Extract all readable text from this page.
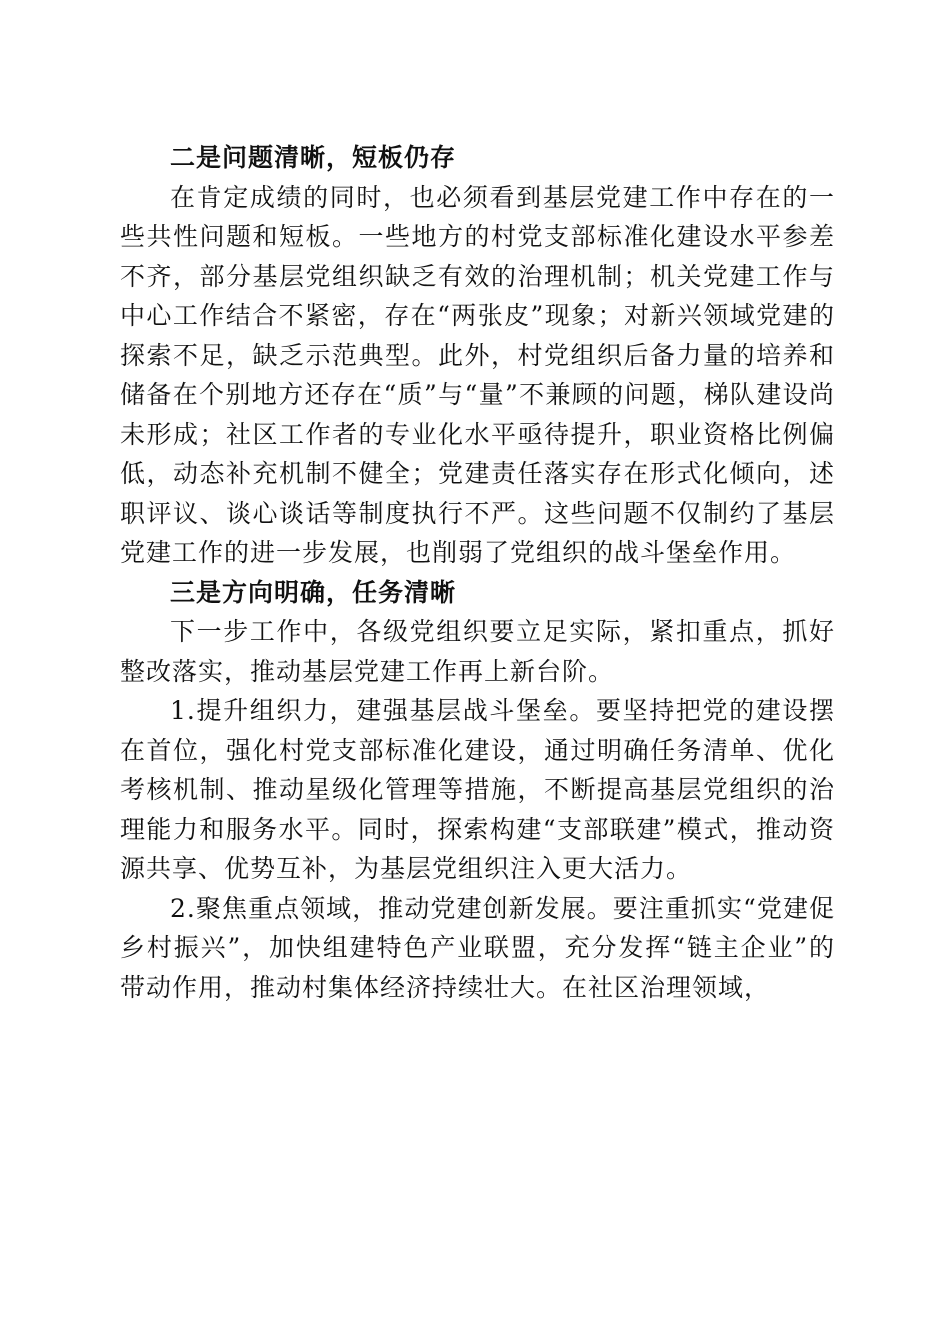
二是问题清晰，短板仍存

在肯定成绩的同时，也必须看到基层党建工作中存在的一些共性问题和短板。一些地方的村党支部标准化建设水平参差不齐，部分基层党组织缺乏有效的治理机制；机关党建工作与中心工作结合不紧密，存在“两张皮”现象；对新兴领域党建的探索不足，缺乏示范典型。此外，村党组织后备力量的培养和储备在个别地方还存在“质”与“量”不兼顾的问题，梯队建设尚未形成；社区工作者的专业化水平亟待提升，职业资格比例偏低，动态补充机制不健全；党建责任落实存在形式化倾向，述职评议、谈心谈话等制度执行不严。这些问题不仅制约了基层党建工作的进一步发展，也削弱了党组织的战斗堡垒作用。

三是方向明确，任务清晰

下一步工作中，各级党组织要立足实际，紧扣重点，抓好整改落实，推动基层党建工作再上新台阶。

1.提升组织力，建强基层战斗堡垒。要坚持把党的建设摆在首位，强化村党支部标准化建设，通过明确任务清单、优化考核机制、推动星级化管理等措施，不断提高基层党组织的治理能力和服务水平。同时，探索构建“支部联建”模式，推动资源共享、优势互补，为基层党组织注入更大活力。

2.聚焦重点领域，推动党建创新发展。要注重抓实“党建促乡村振兴”，加快组建特色产业联盟，充分发挥“链主企业”的带动作用，推动村集体经济持续壮大。在社区治理领域，
